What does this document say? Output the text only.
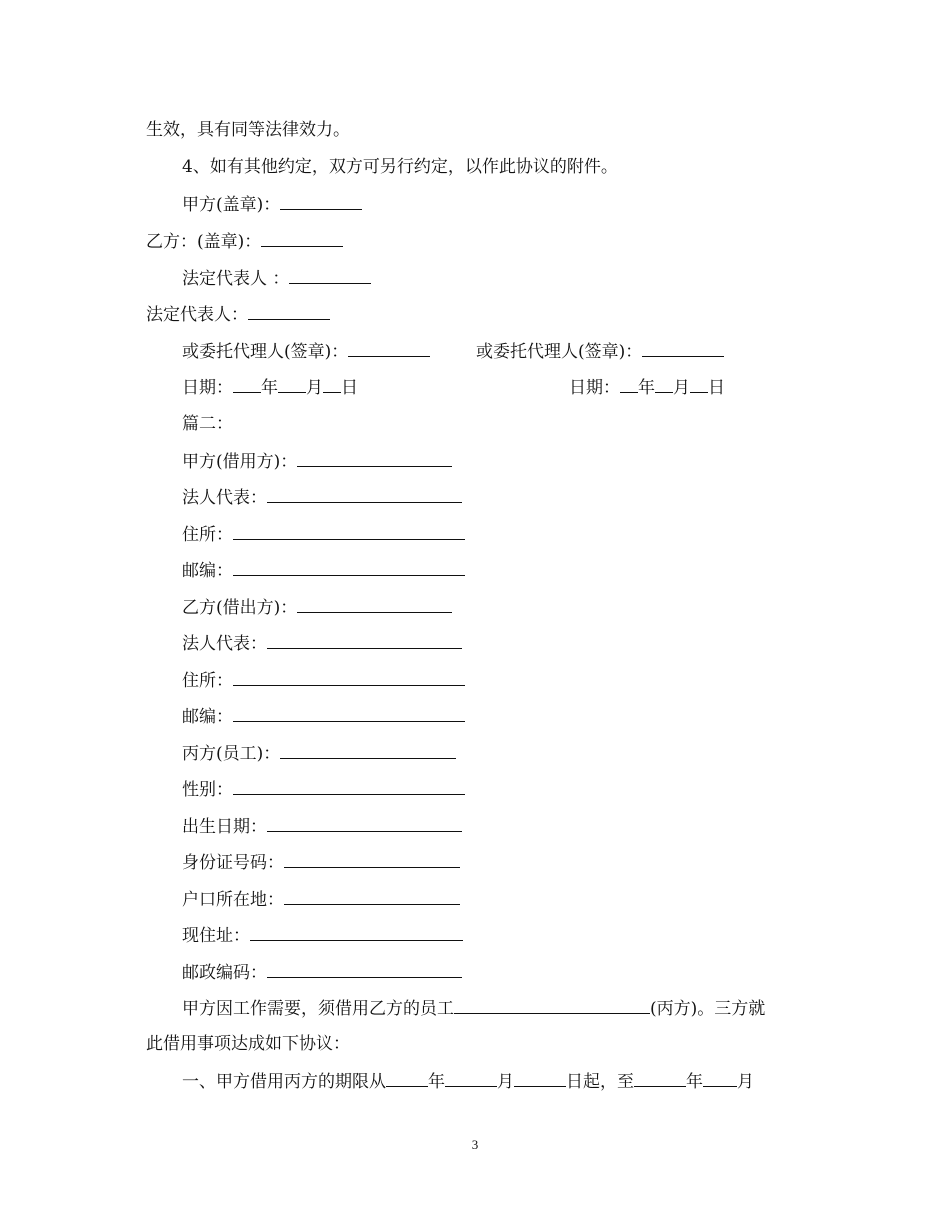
生效，具有同等法律效力。
4、如有其他约定，双方可另行约定，以作此协议的附件。
甲方(盖章)：
乙方：(盖章)：
法定代表人 ：
法定代表人：
或委托代理人(签章)：	或委托代理人(签章)：
日期： 年 月 日	日期： 年 月 日
篇二：
甲方(借用方)：
法人代表：
住所：
邮编：
乙方(借出方)：
法人代表：
住所：
邮编：
丙方(员工)：
性别：
出生日期：
身份证号码：
户口所在地：
现住址：
邮政编码：
甲方因工作需要，须借用乙方的员工	(丙方)。三方就
此借用事项达成如下协议：
一、甲方借用丙方的期限从 年	月	日起，至	年 月
3
